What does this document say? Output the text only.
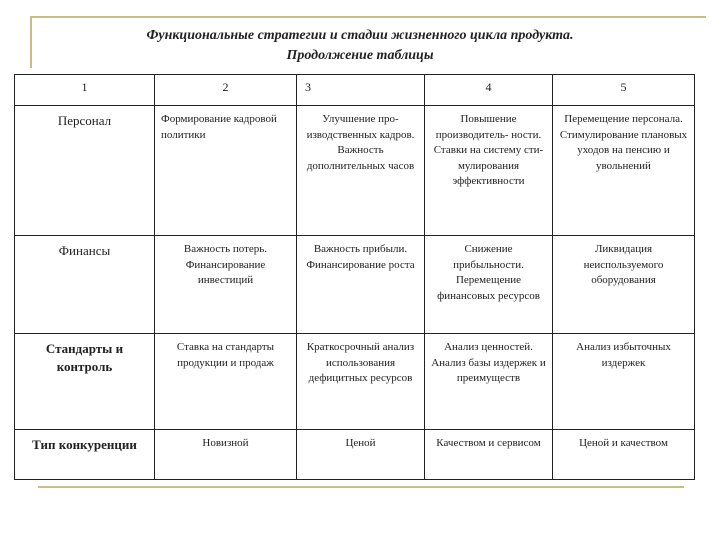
Функциональные стратегии и стадии жизненного цикла продукта.
Продолжение таблицы
1	2	3	4	5
Персонал	Формирование кадровой политики	Улучшение про- изводственных кадров. Важность дополнительных часов	Повышение производитель- ности. Ставки на систему сти- мулирования эффективности	Перемещение персонала. Стимулирование плановых уходов на пенсию и увольнений
Финансы	Важность потерь. Финансирование инвестиций	Важность прибыли. Финансирование роста	Снижение прибыльности. Перемещение финансовых ресурсов	Ликвидация неиспользуемого оборудования
Стандарты и контроль	Ставка на стандарты продукции и продаж	Краткосрочный анализ использования дефицитных ресурсов	Анализ ценностей. Анализ базы издержек и преимуществ	Анализ избыточных издержек
Тип конкуренции	Новизной	Ценой	Качеством и сервисом	Ценой и качеством
